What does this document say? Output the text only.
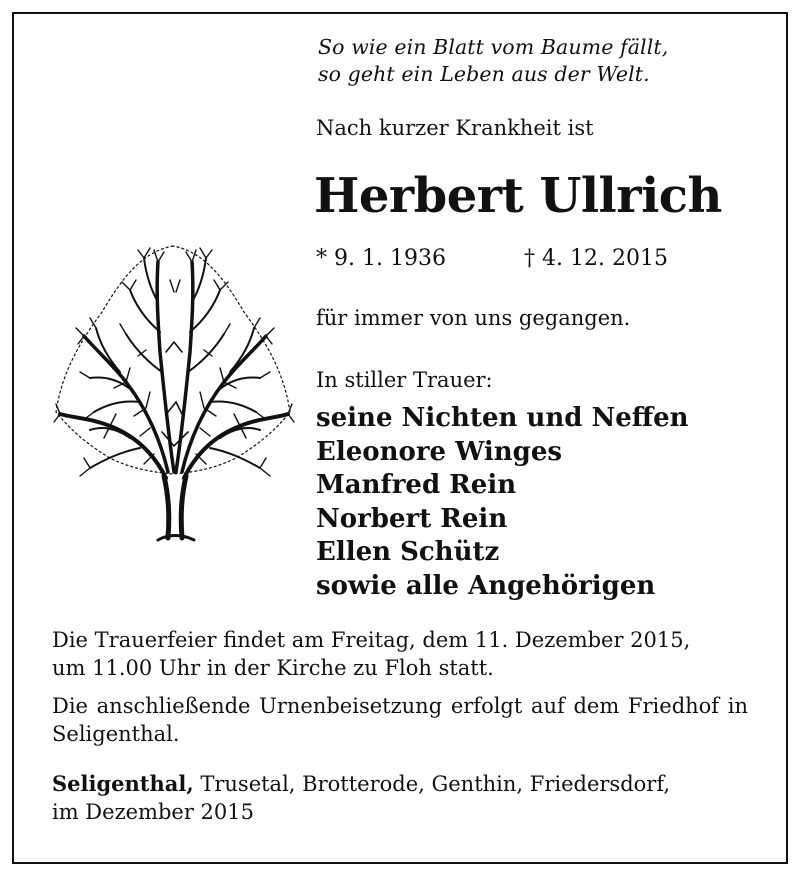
So wie ein Blatt vom Baume fällt,
so geht ein Leben aus der Welt.
Nach kurzer Krankheit ist
Herbert Ullrich
* 9. 1. 1936	† 4. 12. 2015
für immer von uns gegangen.
In stiller Trauer:
seine Nichten und Neffen
Eleonore Winges
Manfred Rein
Norbert Rein
Ellen Schütz
sowie alle Angehörigen
Die Trauerfeier findet am Freitag, dem 11. Dezember 2015,
um 11.00 Uhr in der Kirche zu Floh statt.
Die anschließende Urnenbeisetzung erfolgt auf dem Friedhof in Seligenthal.
Seligenthal, Trusetal, Brotterode, Genthin, Friedersdorf,
im Dezember 2015
